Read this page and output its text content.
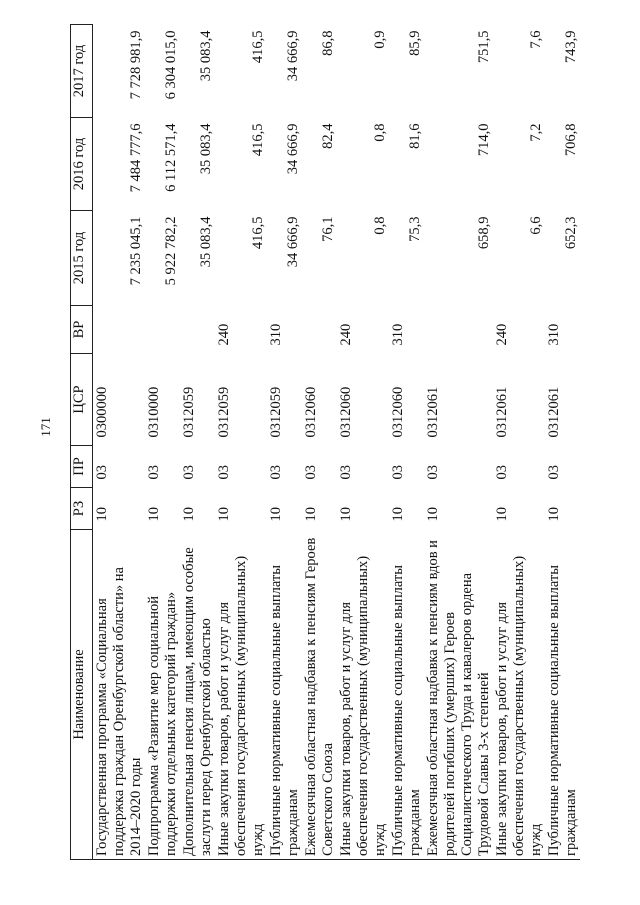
171
Наименование	РЗ	ПР	ЦСР	ВР	2015 год	2016 год	2017 год
Государственная программа «Социальная поддержка граждан Оренбургской области» на 2014–2020 годы	10	03	0300000		7 235 045,1	7 484 777,6	7 728 981,9
Подпрограмма «Развитие мер социальной поддержки отдельных категорий граждан»	10	03	0310000		5 922 782,2	6 112 571,4	6 304 015,0
Дополнительная пенсия лицам, имеющим особые заслуги перед Оренбургской областью	10	03	0312059		35 083,4	35 083,4	35 083,4
Иные закупки товаров, работ и услуг для обеспечения государственных (муниципальных) нужд	10	03	0312059	240	416,5	416,5	416,5
Публичные нормативные социальные выплаты гражданам	10	03	0312059	310	34 666,9	34 666,9	34 666,9
Ежемесячная областная надбавка к пенсиям Героев Советского Союза	10	03	0312060		76,1	82,4	86,8
Иные закупки товаров, работ и услуг для обеспечения государственных (муниципальных) нужд	10	03	0312060	240	0,8	0,8	0,9
Публичные нормативные социальные выплаты гражданам	10	03	0312060	310	75,3	81,6	85,9
Ежемесячная областная надбавка к пенсиям вдов и родителей погибших (умерших) Героев Социалистического Труда и кавалеров ордена Трудовой Славы 3-х степеней	10	03	0312061		658,9	714,0	751,5
Иные закупки товаров, работ и услуг для обеспечения государственных (муниципальных) нужд	10	03	0312061	240	6,6	7,2	7,6
Публичные нормативные социальные выплаты гражданам	10	03	0312061	310	652,3	706,8	743,9
